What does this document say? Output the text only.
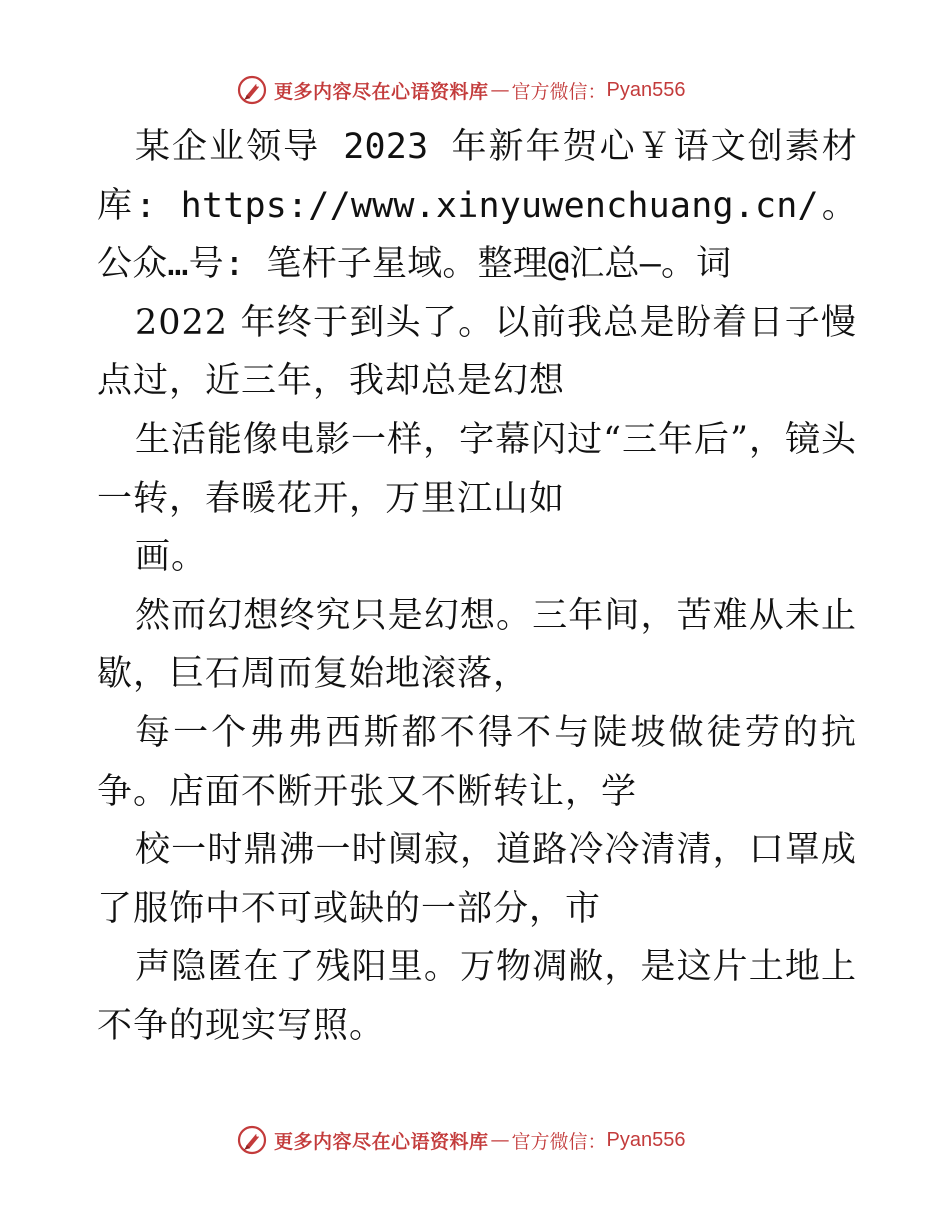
更多内容尽在心语资料库 — 官方微信： Pyan556

某企业领导 2023 年新年贺心￥语文创素材库: https://www.xinyuwenchuang.cn/。公众…号: 笔杆子星域。整理@汇总—。词

2022 年终于到头了。以前我总是盼着日子慢点过，近三年，我却总是幻想

生活能像电影一样，字幕闪过“三年后”，镜头一转，春暖花开，万里江山如

画。

然而幻想终究只是幻想。三年间，苦难从未止歇，巨石周而复始地滚落，

每一个弗弗西斯都不得不与陡坡做徒劳的抗争。店面不断开张又不断转让，学

校一时鼎沸一时阒寂，道路冷冷清清，口罩成了服饰中不可或缺的一部分，市

声隐匿在了残阳里。万物凋敝，是这片土地上不争的现实写照。

更多内容尽在心语资料库 — 官方微信： Pyan556
